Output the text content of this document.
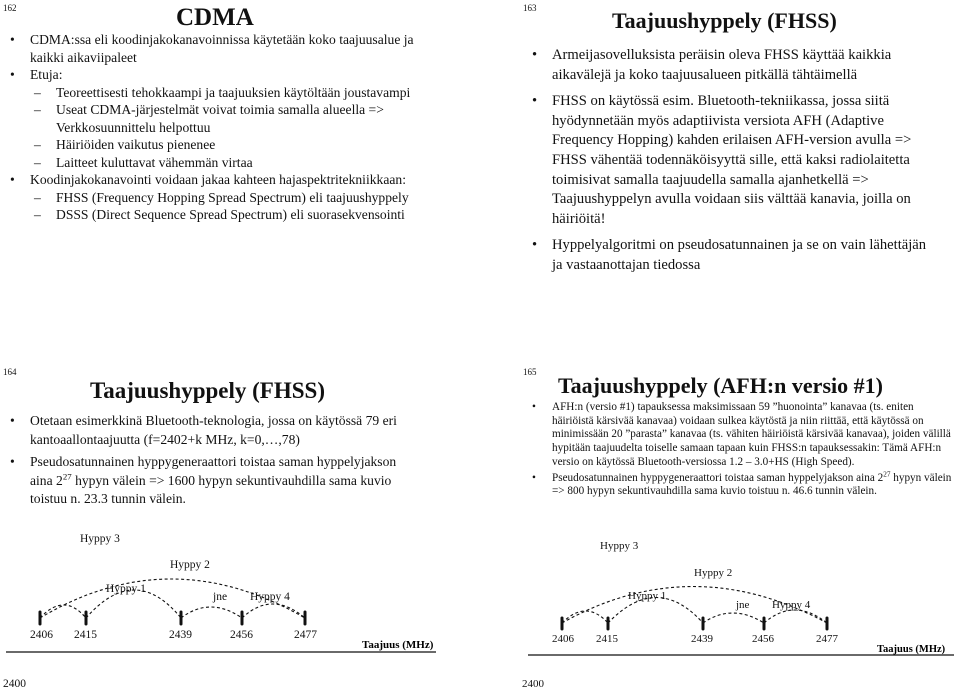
162	CDMA
• CDMA:ssa eli koodinjakokanavoinnissa käytetään koko taajuusalue ja kaikki aikaviipaleet
• Etuja:
– Teoreettisesti tehokkaampi ja taajuuksien käytöltään joustavampi
– Useat CDMA-järjestelmät voivat toimia samalla alueella => Verkkosuunnittelu helpottuu
– Häiriöiden vaikutus pienenee
– Laitteet kuluttavat vähemmän virtaa
• Koodinjakokanavointi voidaan jakaa kahteen hajaspektritekniikkaan:
– FHSS (Frequency Hopping Spread Spectrum) eli taajuushyppely
– DSSS (Direct Sequence Spread Spectrum) eli suorasekvensointi
163	Taajuushyppely (FHSS)
• Armeijasovelluksista peräisin oleva FHSS käyttää kaikkia aikavälejä ja koko taajuusalueen pitkällä tähtäimellä
• FHSS on käytössä esim. Bluetooth-tekniikassa, jossa siitä hyödynnetään myös adaptiivista versiota AFH (Adaptive Frequency Hopping) kahden erilaisen AFH-version avulla => FHSS vähentää todennäköisyyttä sille, että kaksi radiolaitetta toimisivat samalla taajuudella samalla ajanhetkellä => Taajuushyppelyn avulla voidaan siis välttää kanavia, joilla on häiriöitä!
• Hyppelyalgoritmi on pseudosatunnainen ja se on vain lähettäjän ja vastaanottajan tiedossa
164
Taajuushyppely (FHSS)
• Otetaan esimerkkinä Bluetooth-teknologia, jossa on käytössä 79 eri kantoaallontaajuutta (f=2402+k MHz, k=0,…,78)
• Pseudosatunnainen hyppygeneraattori toistaa saman hyppelyjakson aina $2^{27}$ hypyn välein => 1600 hypyn sekuntivauhdilla sama kuvio toistuu n. 23.3 tunnin välein.
Hyppy 3
Hyppy 2
Hyppy 1
jne Hyppy 4
2406 2415	2439	2456	2477
2400
Taajuus (MHz)
165
Taajuushyppely (AFH:n versio #1)
• AFH:n (versio #1) tapauksessa maksimissaan 59 ”huonointa” kanavaa (ts. eniten häiriöistä kärsivää kanavaa) voidaan sulkea käytöstä ja niin riittää, että käytössä on minimissään 20 ”parasta” kanavaa (ts. vähiten häiriöistä kärsivää kanavaa), joiden välillä hypitään taajuudelta toiselle samaan tapaan kuin FHSS:n tapauksessakin: Tämä AFH:n versio on käytössä Bluetooth-versiossa 1.2 – 3.0+HS (High Speed).
• Pseudosatunnainen hyppygeneraattori toistaa saman hyppelyjakson aina $2^{27}$ hypyn välein => 800 hypyn sekuntivauhdilla sama kuvio toistuu n. 46.6 tunnin välein.
Hyppy 3
Hyppy 2
Hyppy 1
jne Hyppy 4
2406 2415	2439	2456	2477
2400
Taajuus (MHz)
